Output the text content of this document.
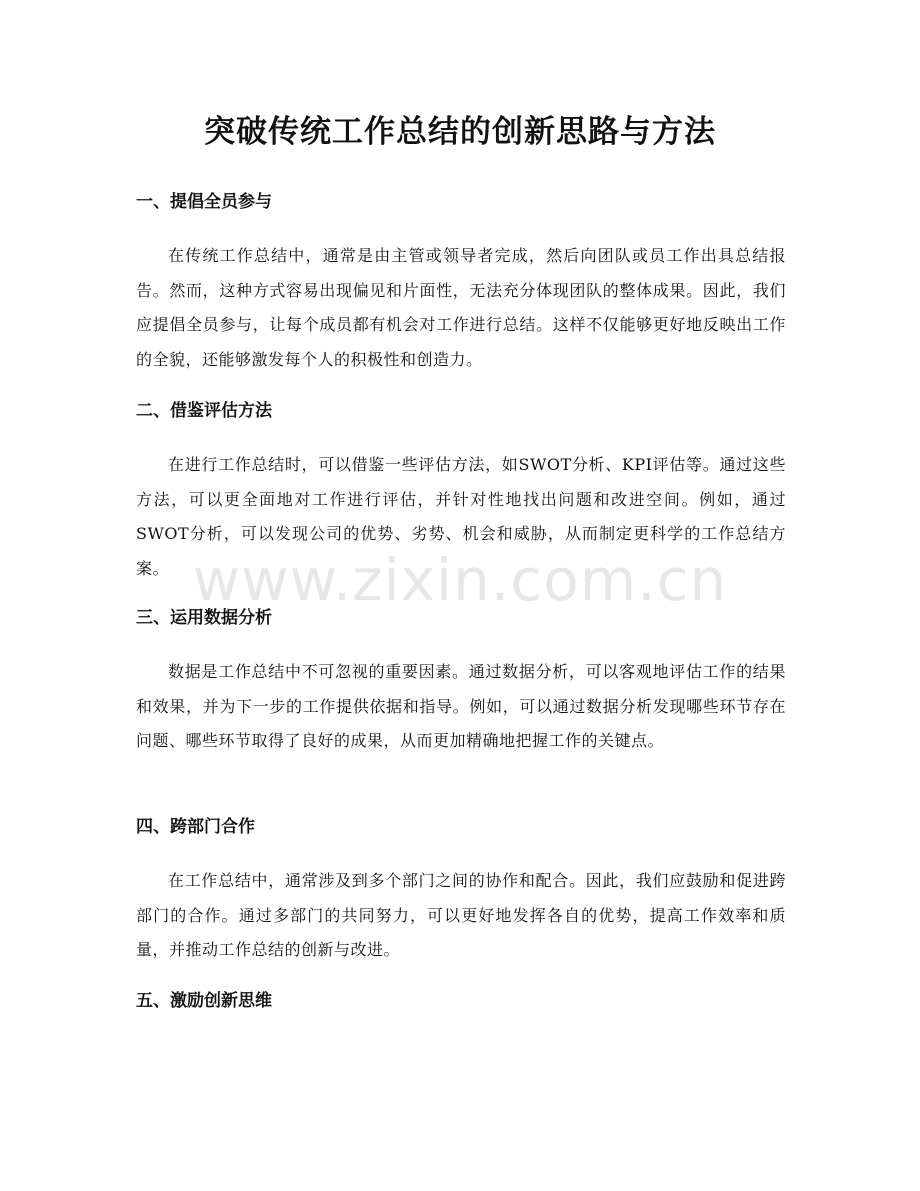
突破传统工作总结的创新思路与方法
一、提倡全员参与

在传统工作总结中，通常是由主管或领导者完成，然后向团队或员工作出具总结报告。然而，这种方式容易出现偏见和片面性，无法充分体现团队的整体成果。因此，我们应提倡全员参与，让每个成员都有机会对工作进行总结。这样不仅能够更好地反映出工作的全貌，还能够激发每个人的积极性和创造力。

二、借鉴评估方法

在进行工作总结时，可以借鉴一些评估方法，如SWOT分析、KPI评估等。通过这些方法，可以更全面地对工作进行评估，并针对性地找出问题和改进空间。例如，通过SWOT分析，可以发现公司的优势、劣势、机会和威胁，从而制定更科学的工作总结方案。

三、运用数据分析

数据是工作总结中不可忽视的重要因素。通过数据分析，可以客观地评估工作的结果和效果，并为下一步的工作提供依据和指导。例如，可以通过数据分析发现哪些环节存在问题、哪些环节取得了良好的成果，从而更加精确地把握工作的关键点。

四、跨部门合作

在工作总结中，通常涉及到多个部门之间的协作和配合。因此，我们应鼓励和促进跨部门的合作。通过多部门的共同努力，可以更好地发挥各自的优势，提高工作效率和质量，并推动工作总结的创新与改进。

五、激励创新思维
www.zixin.com.cn
